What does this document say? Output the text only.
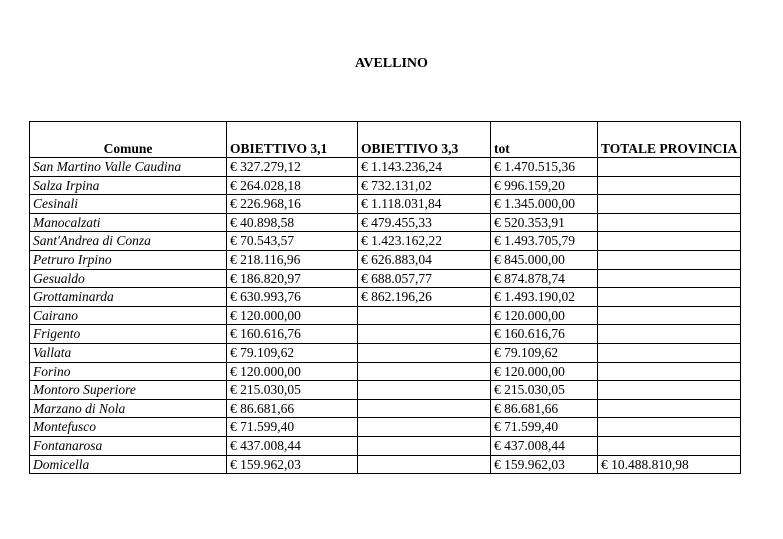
AVELLINO
Comune	OBIETTIVO 3,1	OBIETTIVO 3,3	tot	TOTALE PROVINCIA
San Martino Valle Caudina	€ 327.279,12	€ 1.143.236,24	€ 1.470.515,36	
Salza Irpina	€ 264.028,18	€ 732.131,02	€ 996.159,20	
Cesinali	€ 226.968,16	€ 1.118.031,84	€ 1.345.000,00	
Manocalzati	€ 40.898,58	€ 479.455,33	€ 520.353,91	
Sant'Andrea di Conza	€ 70.543,57	€ 1.423.162,22	€ 1.493.705,79	
Petruro Irpino	€ 218.116,96	€ 626.883,04	€ 845.000,00	
Gesualdo	€ 186.820,97	€ 688.057,77	€ 874.878,74	
Grottaminarda	€ 630.993,76	€ 862.196,26	€ 1.493.190,02	
Cairano	€ 120.000,00		€ 120.000,00	
Frigento	€ 160.616,76		€ 160.616,76	
Vallata	€ 79.109,62		€ 79.109,62	
Forino	€ 120.000,00		€ 120.000,00	
Montoro Superiore	€ 215.030,05		€ 215.030,05	
Marzano di Nola	€ 86.681,66		€ 86.681,66	
Montefusco	€ 71.599,40		€ 71.599,40	
Fontanarosa	€ 437.008,44		€ 437.008,44	
Domicella	€ 159.962,03		€ 159.962,03	€ 10.488.810,98
